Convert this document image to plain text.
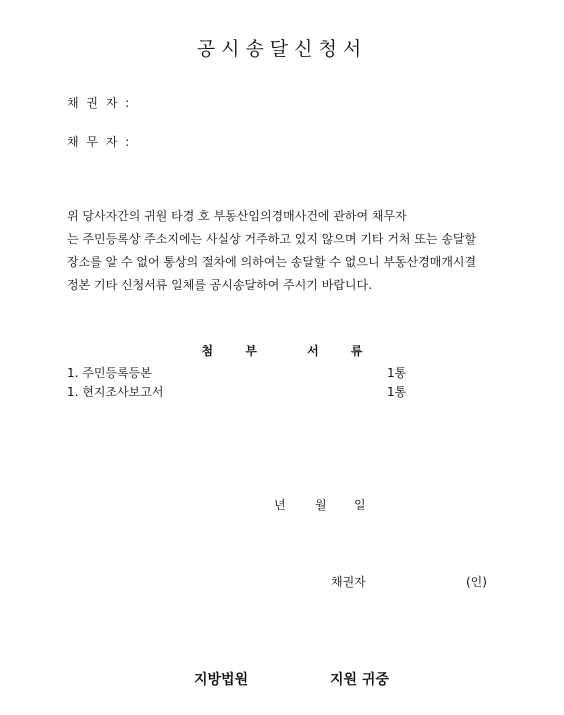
공시송달신청서
채 권 자 :
채 무 자 :
위 당사자간의 귀원 타경 호 부동산임의경매사건에 관하여 채무자
는 주민등록상 주소지에는 사실상 거주하고 있지 않으며 기타 거처 또는 송달할
장소를 알 수 없어 통상의 절차에 의하여는 송달할 수 없으니 부동산경매개시결
정본 기타 신청서류 일체를 공시송달하여 주시기 바랍니다.
첨	부	서	류
1. 주민등록등본	1통
1. 현지조사보고서	1통
년 월 일
채권자	(인)
지방법원	지원 귀중
